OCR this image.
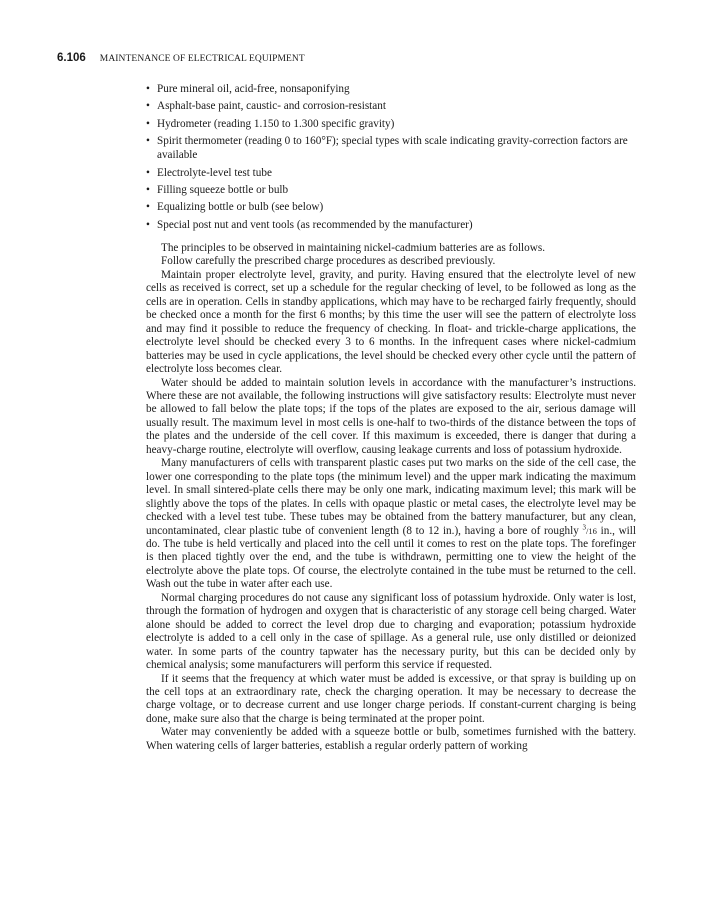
6.106 MAINTENANCE OF ELECTRICAL EQUIPMENT
• Pure mineral oil, acid-free, nonsaponifying
• Asphalt-base paint, caustic- and corrosion-resistant
• Hydrometer (reading 1.150 to 1.300 specific gravity)
• Spirit thermometer (reading 0 to 160°F); special types with scale indicating gravity-correction factors are available
• Electrolyte-level test tube
• Filling squeeze bottle or bulb
• Equalizing bottle or bulb (see below)
• Special post nut and vent tools (as recommended by the manufacturer)

The principles to be observed in maintaining nickel-cadmium batteries are as follows.

Follow carefully the prescribed charge procedures as described previously.

Maintain proper electrolyte level, gravity, and purity. Having ensured that the electrolyte level of new cells as received is correct, set up a schedule for the regular checking of level, to be followed as long as the cells are in operation. Cells in standby applications, which may have to be recharged fairly frequently, should be checked once a month for the first 6 months; by this time the user will see the pattern of electrolyte loss and may find it possible to reduce the frequency of checking. In float- and trickle-charge applications, the electrolyte level should be checked every 3 to 6 months. In the infrequent cases where nickel-cadmium batteries may be used in cycle applications, the level should be checked every other cycle until the pattern of electrolyte loss becomes clear.

Water should be added to maintain solution levels in accordance with the manufacturer’s instructions. Where these are not available, the following instructions will give satisfactory results: Electrolyte must never be allowed to fall below the plate tops; if the tops of the plates are exposed to the air, serious damage will usually result. The maximum level in most cells is one-half to two-thirds of the distance between the tops of the plates and the underside of the cell cover. If this maximum is exceeded, there is danger that during a heavy-charge routine, electrolyte will overflow, causing leakage currents and loss of potassium hydroxide.

Many manufacturers of cells with transparent plastic cases put two marks on the side of the cell case, the lower one corresponding to the plate tops (the minimum level) and the upper mark indicating the maximum level. In small sintered-plate cells there may be only one mark, indicating maximum level; this mark will be slightly above the tops of the plates. In cells with opaque plastic or metal cases, the electrolyte level may be checked with a level test tube. These tubes may be obtained from the battery manufacturer, but any clean, uncontaminated, clear plastic tube of convenient length (8 to 12 in.), having a bore of roughly $^3$/16 in., will do. The tube is held vertically and placed into the cell until it comes to rest on the plate tops. The forefinger is then placed tightly over the end, and the tube is withdrawn, permitting one to view the height of the electrolyte above the plate tops. Of course, the electrolyte contained in the tube must be returned to the cell. Wash out the tube in water after each use.

Normal charging procedures do not cause any significant loss of potassium hydroxide. Only water is lost, through the formation of hydrogen and oxygen that is characteristic of any storage cell being charged. Water alone should be added to correct the level drop due to charging and evaporation; potassium hydroxide electrolyte is added to a cell only in the case of spillage. As a general rule, use only distilled or deionized water. In some parts of the country tapwater has the necessary purity, but this can be decided only by chemical analysis; some manufacturers will perform this service if requested.

If it seems that the frequency at which water must be added is excessive, or that spray is building up on the cell tops at an extraordinary rate, check the charging operation. It may be necessary to decrease the charge voltage, or to decrease current and use longer charge periods. If constant-current charging is being done, make sure also that the charge is being terminated at the proper point.

Water may conveniently be added with a squeeze bottle or bulb, sometimes furnished with the battery. When watering cells of larger batteries, establish a regular orderly pattern of working
